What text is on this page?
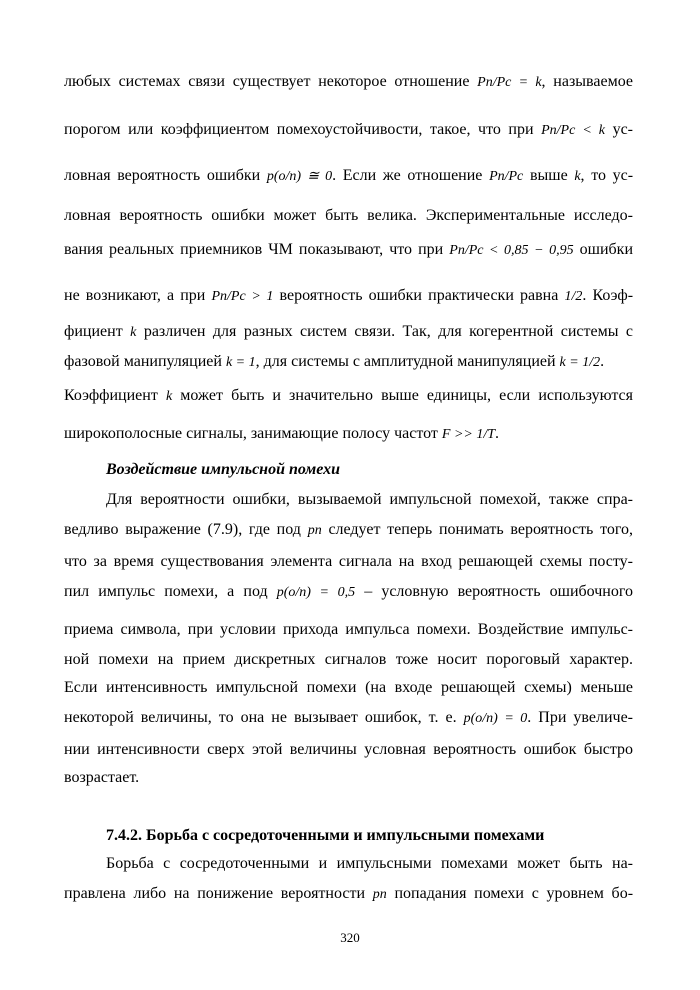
любых системах связи существует некоторое отношение Pп/Pс = k, называемое
порогом или коэффициентом помехоустойчивости, такое, что при Pп/Pс < k ус-
ловная вероятность ошибки p(o/n) ≅ 0. Если же отношение Pп/Pс выше k, то ус-
ловная вероятность ошибки может быть велика. Экспериментальные исследо-
вания реальных приемников ЧМ показывают, что при Pп/Pс < 0,85 − 0,95 ошибки
не возникают, а при Pп/Pс > 1 вероятность ошибки практически равна 1/2. Коэф-
фициент k различен для разных систем связи. Так, для когерентной системы с
фазовой манипуляцией k = 1, для системы с амплитудной манипуляцией k = 1/2.
Коэффициент k может быть и значительно выше единицы, если используются
широкополосные сигналы, занимающие полосу частот F >> 1/T.
Воздействие импульсной помехи
Для вероятности ошибки, вызываемой импульсной помехой, также спра-
ведливо выражение (7.9), где под pп следует теперь понимать вероятность того,
что за время существования элемента сигнала на вход решающей схемы посту-
пил импульс помехи, а под p(o/n) = 0,5 – условную вероятность ошибочного
приема символа, при условии прихода импульса помехи. Воздействие импульс-
ной помехи на прием дискретных сигналов тоже носит пороговый характер.
Если интенсивность импульсной помехи (на входе решающей схемы) меньше
некоторой величины, то она не вызывает ошибок, т. е. p(o/n) = 0. При увеличе-
нии интенсивности сверх этой величины условная вероятность ошибок быстро
возрастает.
7.4.2. Борьба с сосредоточенными и импульсными помехами
Борьба с сосредоточенными и импульсными помехами может быть на-
правлена либо на понижение вероятности pп попадания помехи с уровнем бо-
320
